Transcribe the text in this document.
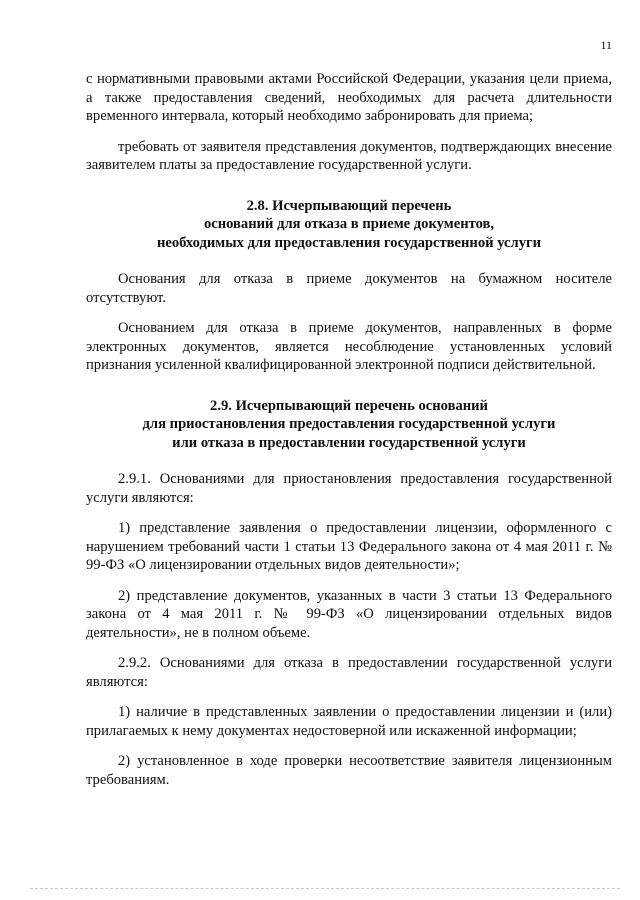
11

с нормативными правовыми актами Российской Федерации, указания цели приема, а также предоставления сведений, необходимых для расчета длительности временного интервала, который необходимо забронировать для приема;

требовать от заявителя представления документов, подтверждающих внесение заявителем платы за предоставление государственной услуги.

2.8. Исчерпывающий перечень
оснований для отказа в приеме документов,
необходимых для предоставления государственной услуги

Основания для отказа в приеме документов на бумажном носителе отсутствуют.

Основанием для отказа в приеме документов, направленных в форме электронных документов, является несоблюдение установленных условий признания усиленной квалифицированной электронной подписи действительной.

2.9. Исчерпывающий перечень оснований
для приостановления предоставления государственной услуги
или отказа в предоставлении государственной услуги

2.9.1. Основаниями для приостановления предоставления государственной услуги являются:

1) представление заявления о предоставлении лицензии, оформленного с нарушением требований части 1 статьи 13 Федерального закона от 4 мая 2011 г. № 99-ФЗ «О лицензировании отдельных видов деятельности»;

2) представление документов, указанных в части 3 статьи 13 Федерального закона от 4 мая 2011 г. № 99-ФЗ «О лицензировании отдельных видов деятельности», не в полном объеме.

2.9.2. Основаниями для отказа в предоставлении государственной услуги являются:

1) наличие в представленных заявлении о предоставлении лицензии и (или) прилагаемых к нему документах недостоверной или искаженной информации;

2) установленное в ходе проверки несоответствие заявителя лицензионным требованиям.
